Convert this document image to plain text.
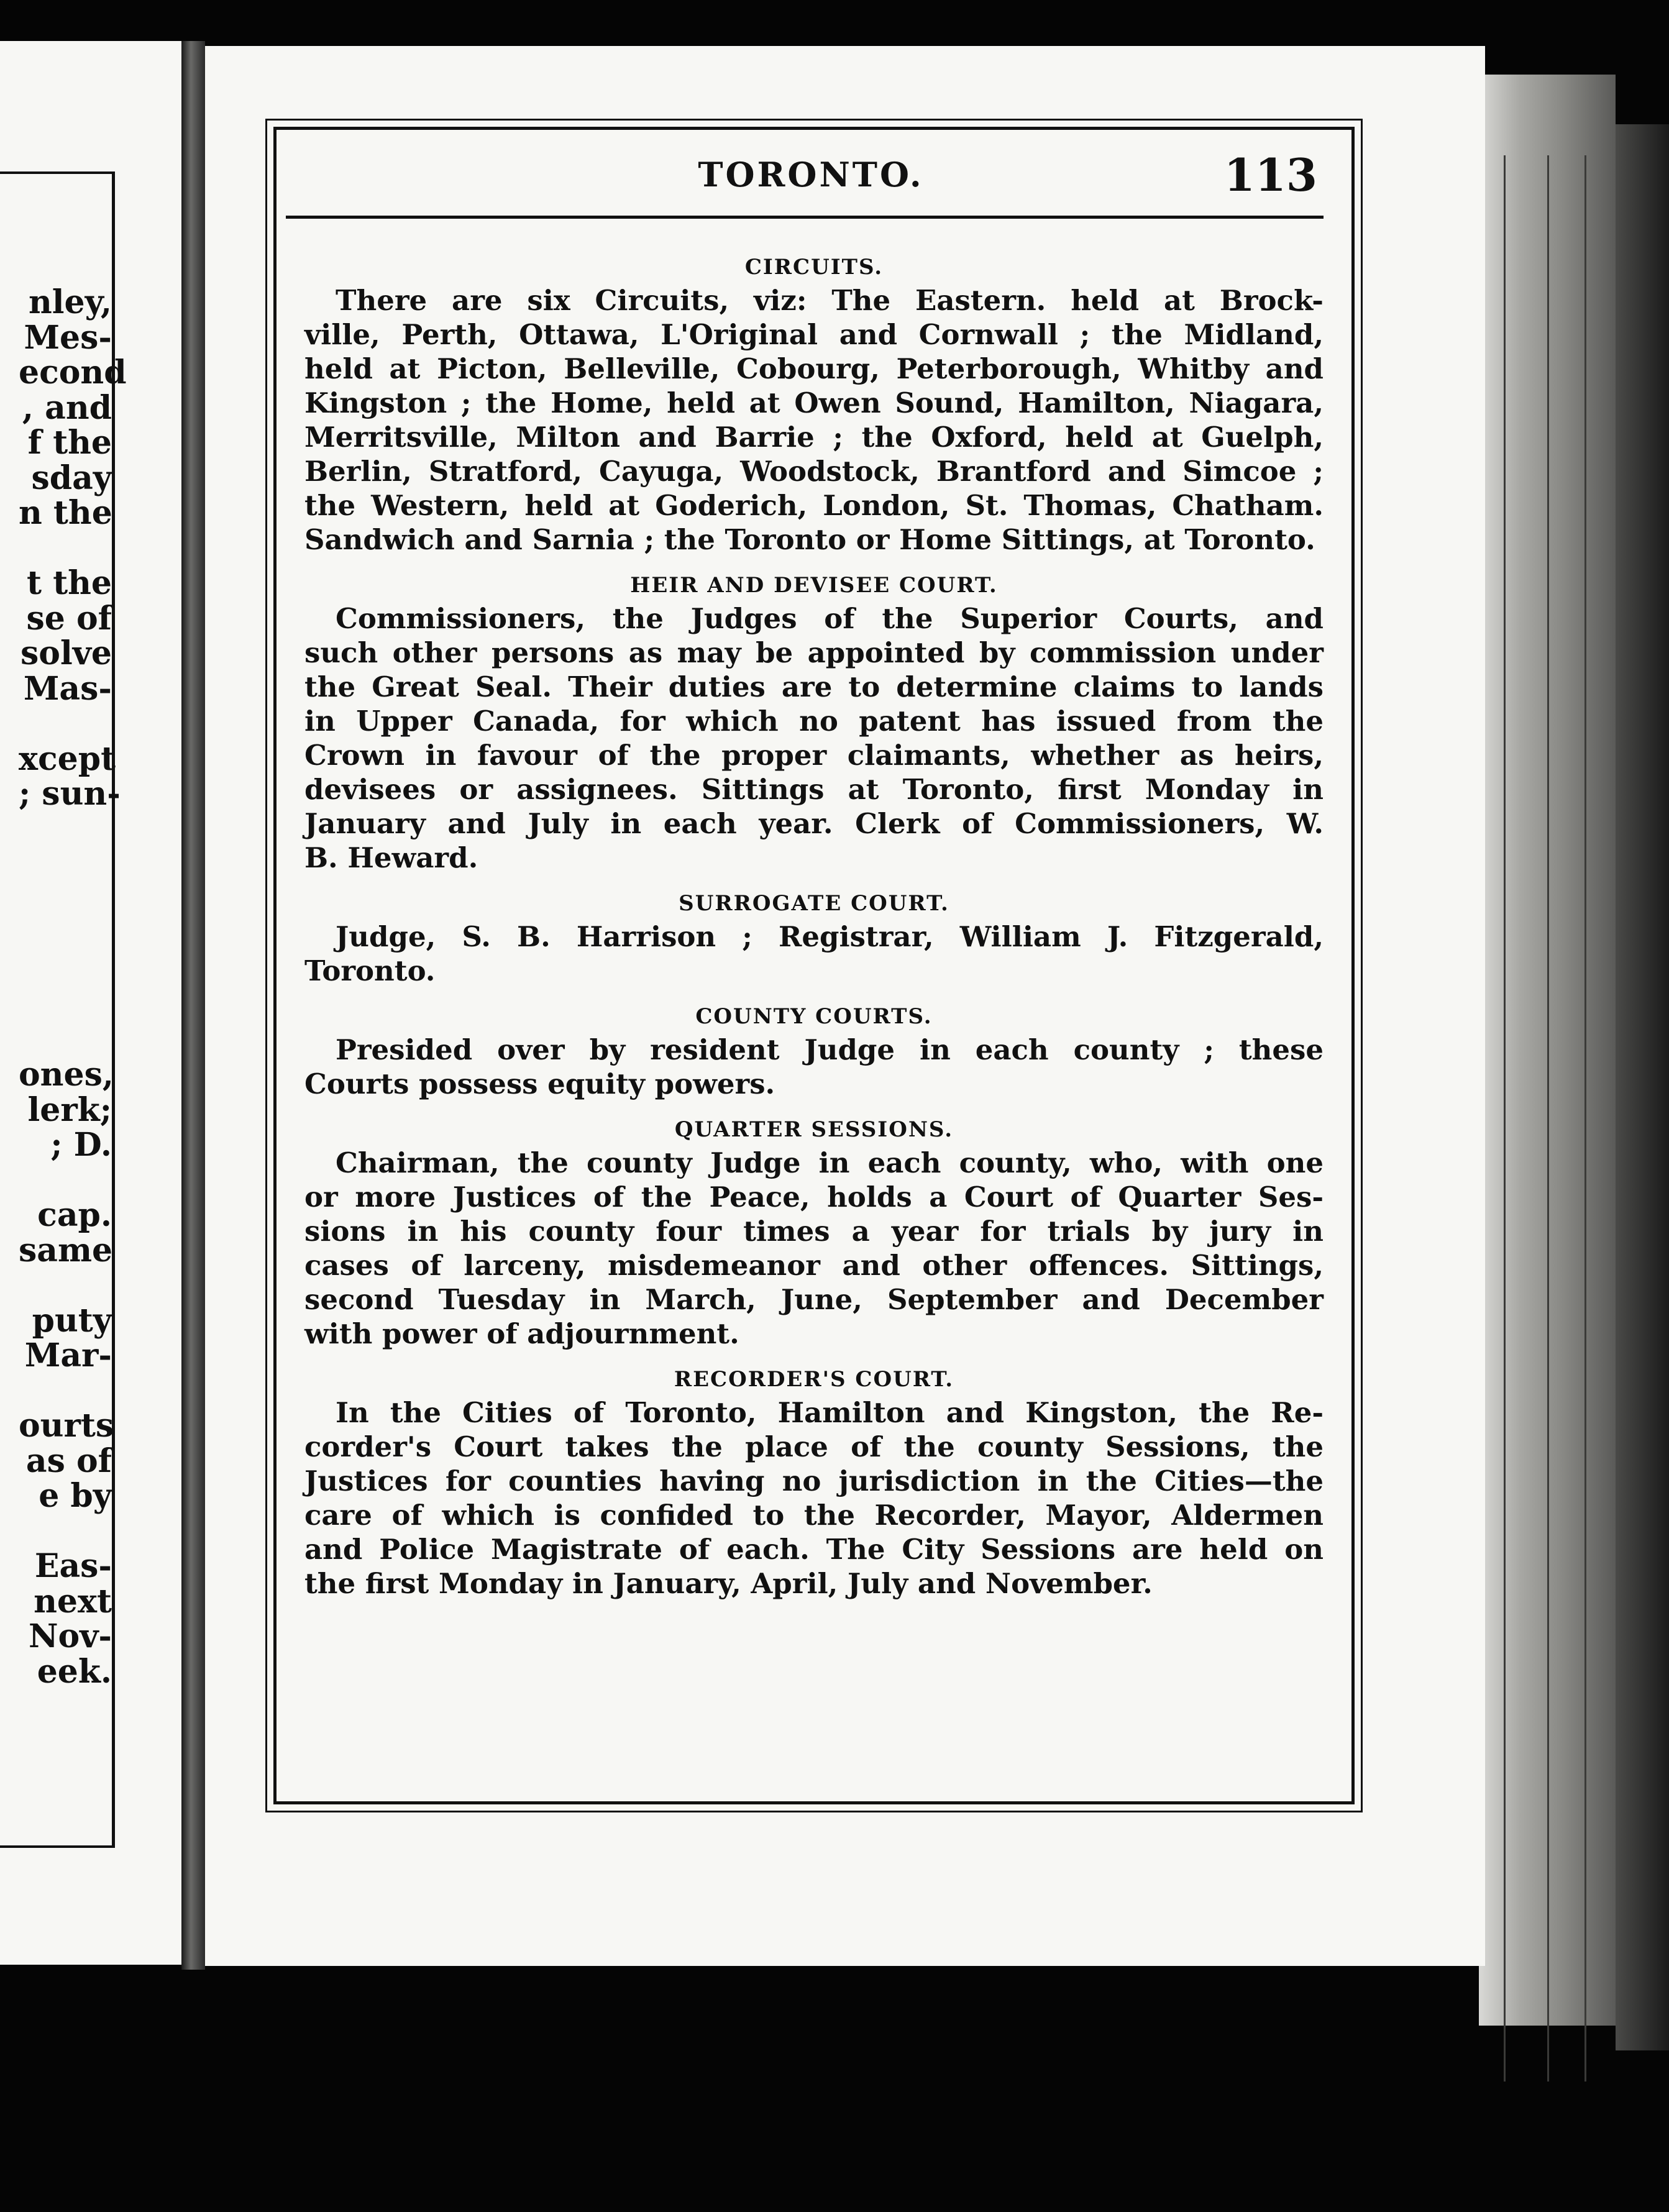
nley,
Mes-
econd
, and
f the
sday
n the
t the
se of
solve
Mas-
xcept
; sun-
ones,
lerk;
; D.
cap.
same
puty
Mar-
ourts
as of
e by
Eas-
next
Nov-
eek.
TORONTO.	113
CIRCUITS.
There are six Circuits, viz: The Eastern. held at Brock-
ville, Perth, Ottawa, L'Original and Cornwall ; the Midland,
held at Picton, Belleville, Cobourg, Peterborough, Whitby and
Kingston ; the Home, held at Owen Sound, Hamilton, Niagara,
Merritsville, Milton and Barrie ; the Oxford, held at Guelph,
Berlin, Stratford, Cayuga, Woodstock, Brantford and Simcoe ;
the Western, held at Goderich, London, St. Thomas, Chatham.
Sandwich and Sarnia ; the Toronto or Home Sittings, at Toronto.
HEIR AND DEVISEE COURT.
Commissioners, the Judges of the Superior Courts, and
such other persons as may be appointed by commission under
the Great Seal. Their duties are to determine claims to lands
in Upper Canada, for which no patent has issued from the
Crown in favour of the proper claimants, whether as heirs,
devisees or assignees. Sittings at Toronto, first Monday in
January and July in each year. Clerk of Commissioners, W.
B. Heward.
SURROGATE COURT.
Judge, S. B. Harrison ; Registrar, William J. Fitzgerald,
Toronto.
COUNTY COURTS.
Presided over by resident Judge in each county ; these
Courts possess equity powers.
QUARTER SESSIONS.
Chairman, the county Judge in each county, who, with one
or more Justices of the Peace, holds a Court of Quarter Ses-
sions in his county four times a year for trials by jury in
cases of larceny, misdemeanor and other offences. Sittings,
second Tuesday in March, June, September and December
with power of adjournment.
RECORDER'S COURT.
In the Cities of Toronto, Hamilton and Kingston, the Re-
corder's Court takes the place of the county Sessions, the
Justices for counties having no jurisdiction in the Cities—the
care of which is confided to the Recorder, Mayor, Aldermen
and Police Magistrate of each. The City Sessions are held on
the first Monday in January, April, July and November.
